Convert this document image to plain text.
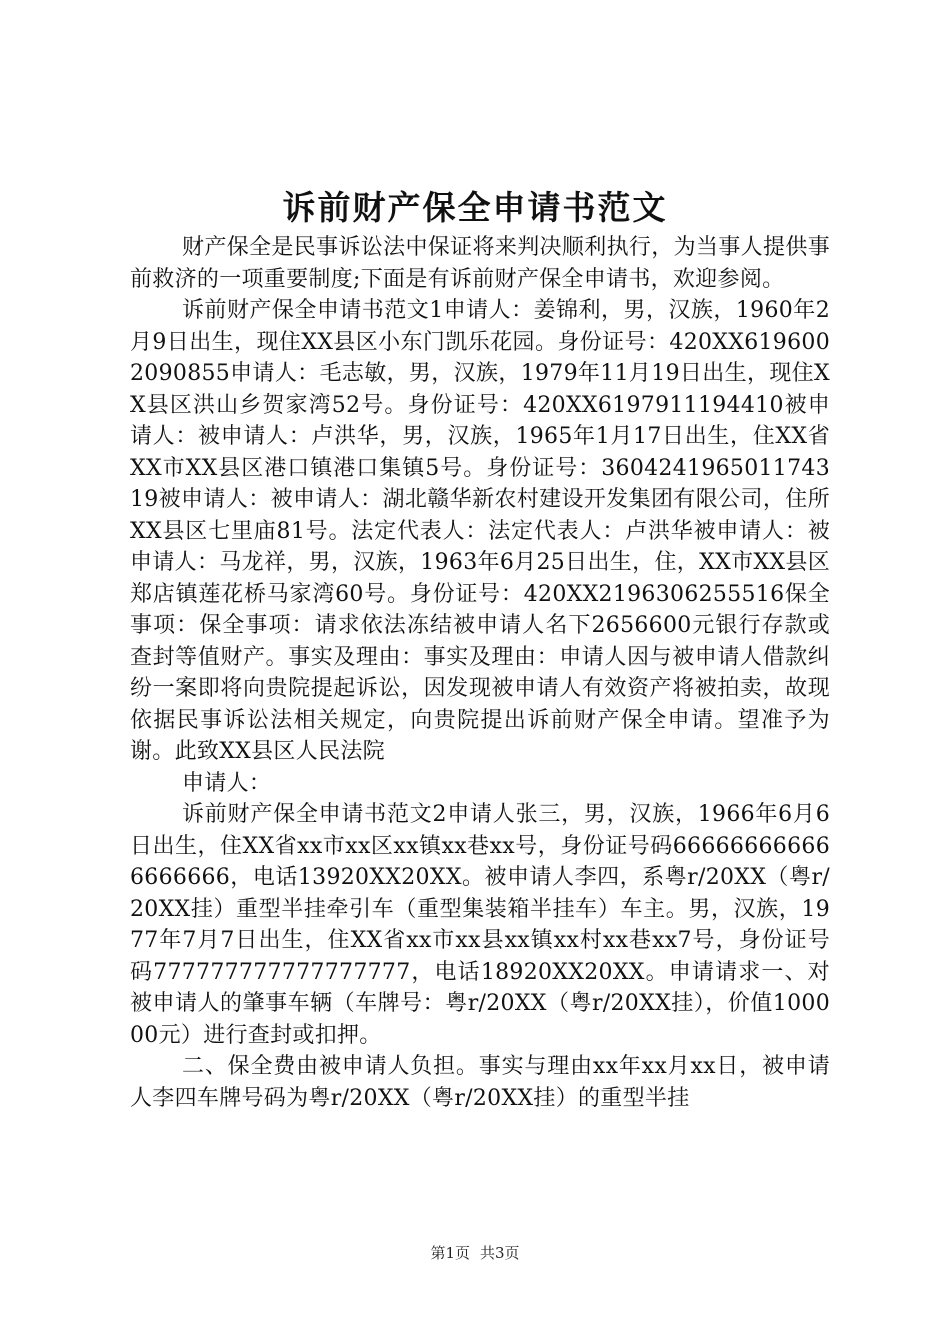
诉前财产保全申请书范文

财产保全是民事诉讼法中保证将来判决顺利执行，为当事人提供事前救济的一项重要制度;下面是有诉前财产保全申请书，欢迎参阅。

诉前财产保全申请书范文1申请人：姜锦利，男，汉族，1960年2月9日出生，现住XX县区小东门凯乐花园。身份证号：420XX6196002090855申请人：毛志敏，男，汉族，1979年11月19日出生，现住XX县区洪山乡贺家湾52号。身份证号：420XX6197911194410被申请人：被申请人：卢洪华，男，汉族，1965年1月17日出生，住XX省XX市XX县区港口镇港口集镇5号。身份证号：360424196501174319被申请人：被申请人：湖北赣华新农村建设开发集团有限公司，住所XX县区七里庙81号。法定代表人：法定代表人：卢洪华被申请人：被申请人：马龙祥，男，汉族，1963年6月25日出生，住，XX市XX县区郑店镇莲花桥马家湾60号。身份证号：420XX2196306255516保全事项：保全事项：请求依法冻结被申请人名下2656600元银行存款或查封等值财产。事实及理由：事实及理由：申请人因与被申请人借款纠纷一案即将向贵院提起诉讼，因发现被申请人有效资产将被拍卖，故现依据民事诉讼法相关规定，向贵院提出诉前财产保全申请。望准予为谢。此致XX县区人民法院

申请人：

诉前财产保全申请书范文2申请人张三，男，汉族，1966年6月6日出生，住XX省xx市xx区xx镇xx巷xx号，身份证号码666666666666666666，电话13920XX20XX。被申请人李四，系粤r/20XX（粤r/20XX挂）重型半挂牵引车（重型集装箱半挂车）车主。男，汉族，1977年7月7日出生，住XX省xx市xx县xx镇xx村xx巷xx7号，身份证号码777777777777777777，电话18920XX20XX。申请请求一、对被申请人的肇事车辆（车牌号：粤r/20XX（粤r/20XX挂），价值100000元）进行查封或扣押。

二、保全费由被申请人负担。事实与理由xx年xx月xx日，被申请人李四车牌号码为粤r/20XX（粤r/20XX挂）的重型半挂

第1页 共3页
